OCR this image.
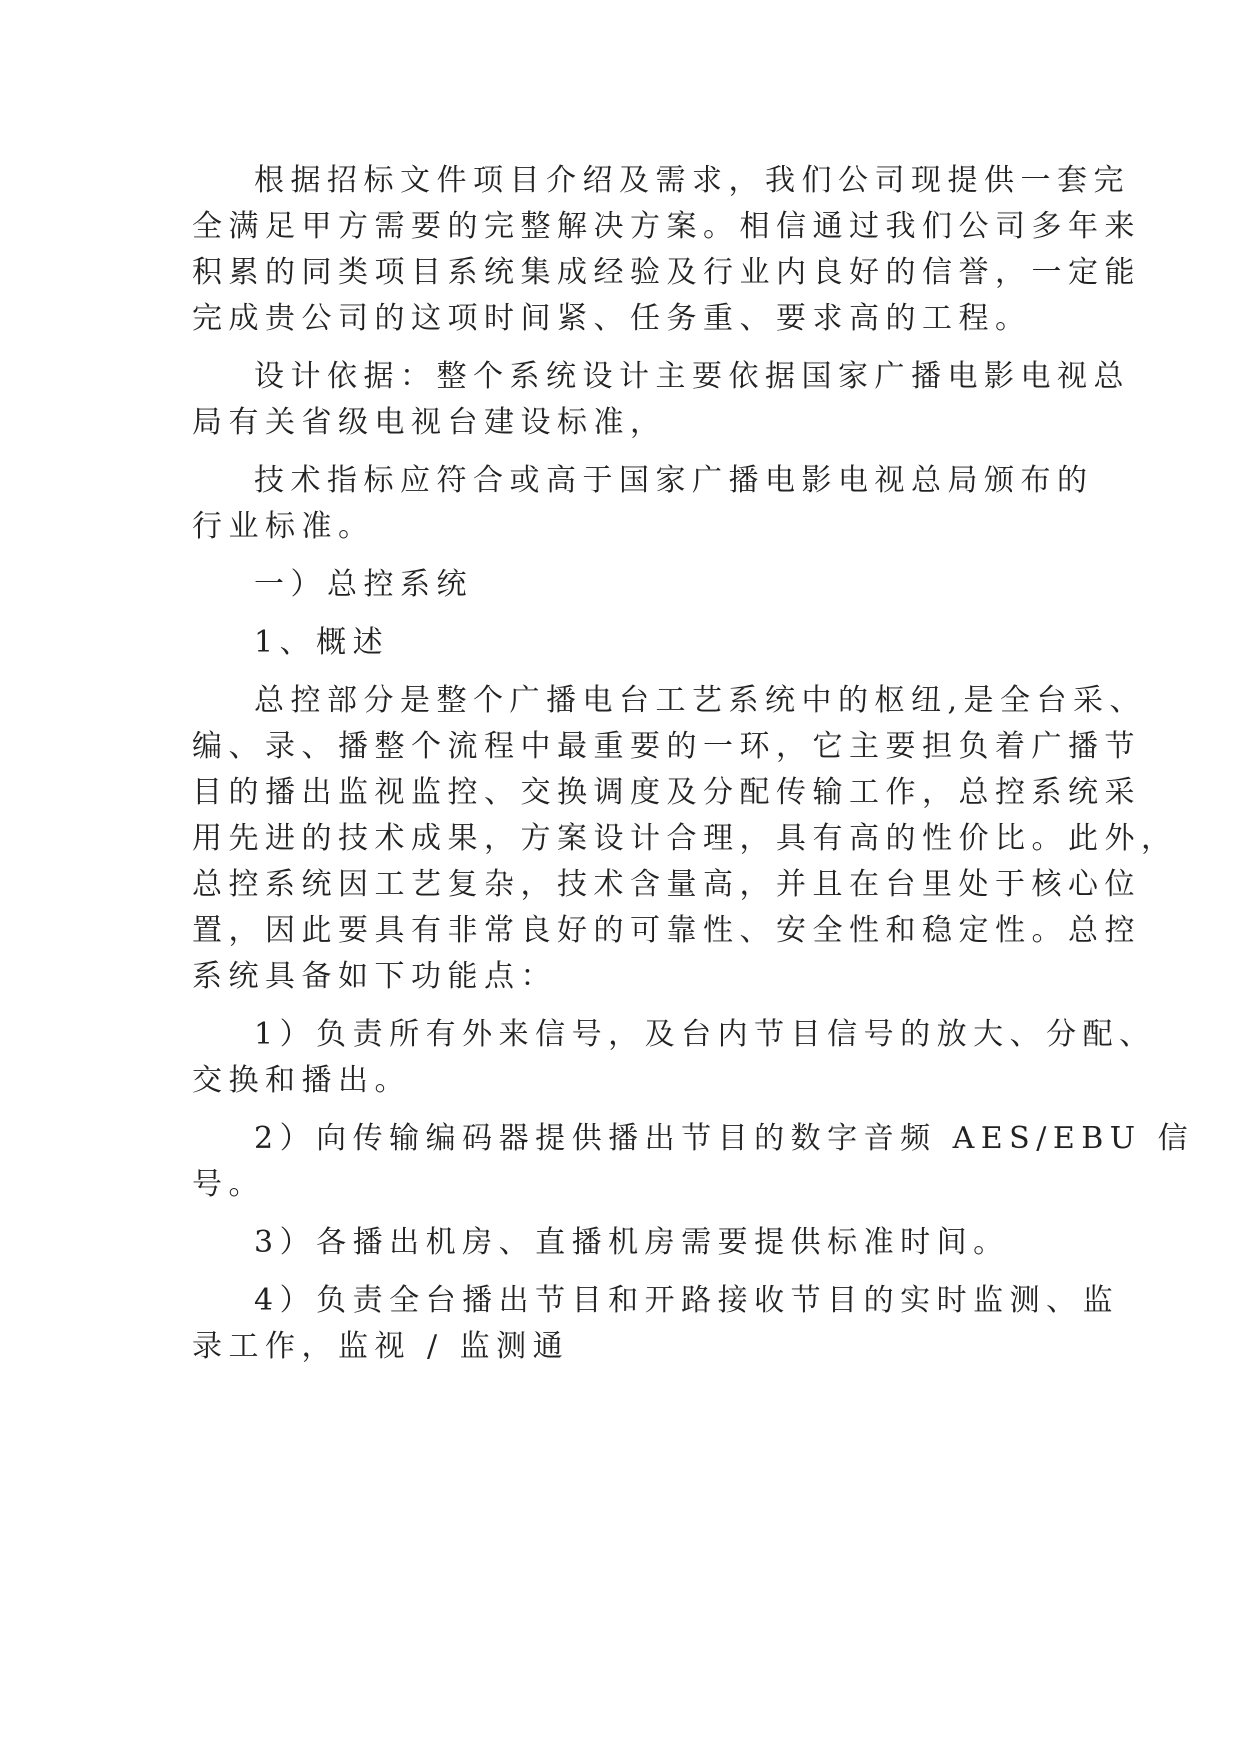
根据招标文件项目介绍及需求，我们公司现提供一套完
全满足甲方需要的完整解决方案。相信通过我们公司多年来
积累的同类项目系统集成经验及行业内良好的信誉，一定能
完成贵公司的这项时间紧、任务重、要求高的工程。
设计依据：整个系统设计主要依据国家广播电影电视总
局有关省级电视台建设标准，
技术指标应符合或高于国家广播电影电视总局颁布的
行业标准。
一）总控系统
1、概述
总控部分是整个广播电台工艺系统中的枢纽,是全台采、
编、录、播整个流程中最重要的一环，它主要担负着广播节
目的播出监视监控、交换调度及分配传输工作，总控系统采
用先进的技术成果，方案设计合理，具有高的性价比。此外，
总控系统因工艺复杂，技术含量高，并且在台里处于核心位
置，因此要具有非常良好的可靠性、安全性和稳定性。总控
系统具备如下功能点：
1）负责所有外来信号，及台内节目信号的放大、分配、
交换和播出。
2）向传输编码器提供播出节目的数字音频 AES/EBU 信
号。
3）各播出机房、直播机房需要提供标准时间。
4）负责全台播出节目和开路接收节目的实时监测、监
录工作，监视 / 监测通
